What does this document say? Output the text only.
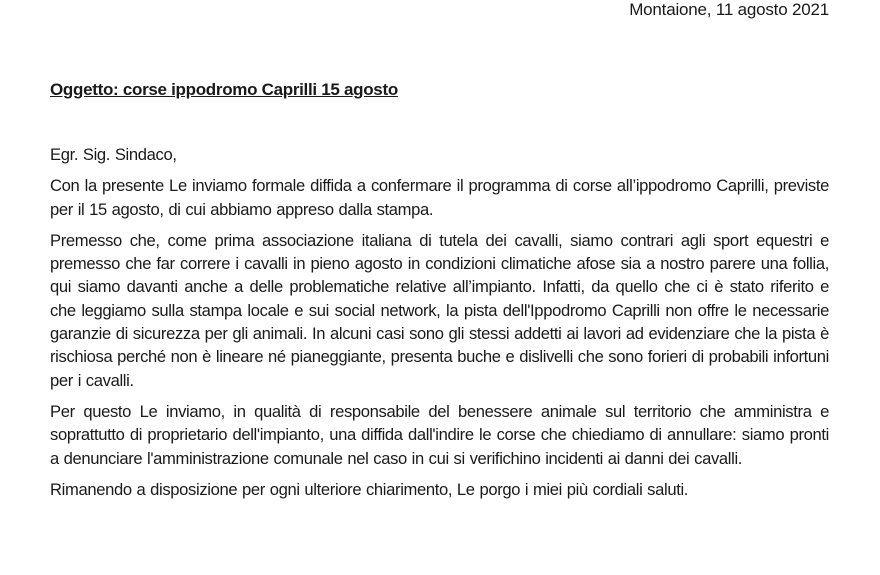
Montaione, 11 agosto 2021
Oggetto: corse ippodromo Caprilli 15 agosto

Egr. Sig. Sindaco,

Con la presente Le inviamo formale diffida a confermare il programma di corse all’ippodromo Caprilli, previste per il 15 agosto, di cui abbiamo appreso dalla stampa.

Premesso che, come prima associazione italiana di tutela dei cavalli, siamo contrari agli sport equestri e premesso che far correre i cavalli in pieno agosto in condizioni climatiche afose sia a nostro parere una follia, qui siamo davanti anche a delle problematiche relative all’impianto. Infatti, da quello che ci è stato riferito e che leggiamo sulla stampa locale e sui social network, la pista dell'Ippodromo Caprilli non offre le necessarie garanzie di sicurezza per gli animali. In alcuni casi sono gli stessi addetti ai lavori ad evidenziare che la pista è rischiosa perché non è lineare né pianeggiante, presenta buche e dislivelli che sono forieri di probabili infortuni per i cavalli.

Per questo Le inviamo, in qualità di responsabile del benessere animale sul territorio che amministra e soprattutto di proprietario dell'impianto, una diffida dall'indire le corse che chiediamo di annullare: siamo pronti a denunciare l'amministrazione comunale nel caso in cui si verifichino incidenti ai danni dei cavalli.

Rimanendo a disposizione per ogni ulteriore chiarimento, Le porgo i miei più cordiali saluti.
